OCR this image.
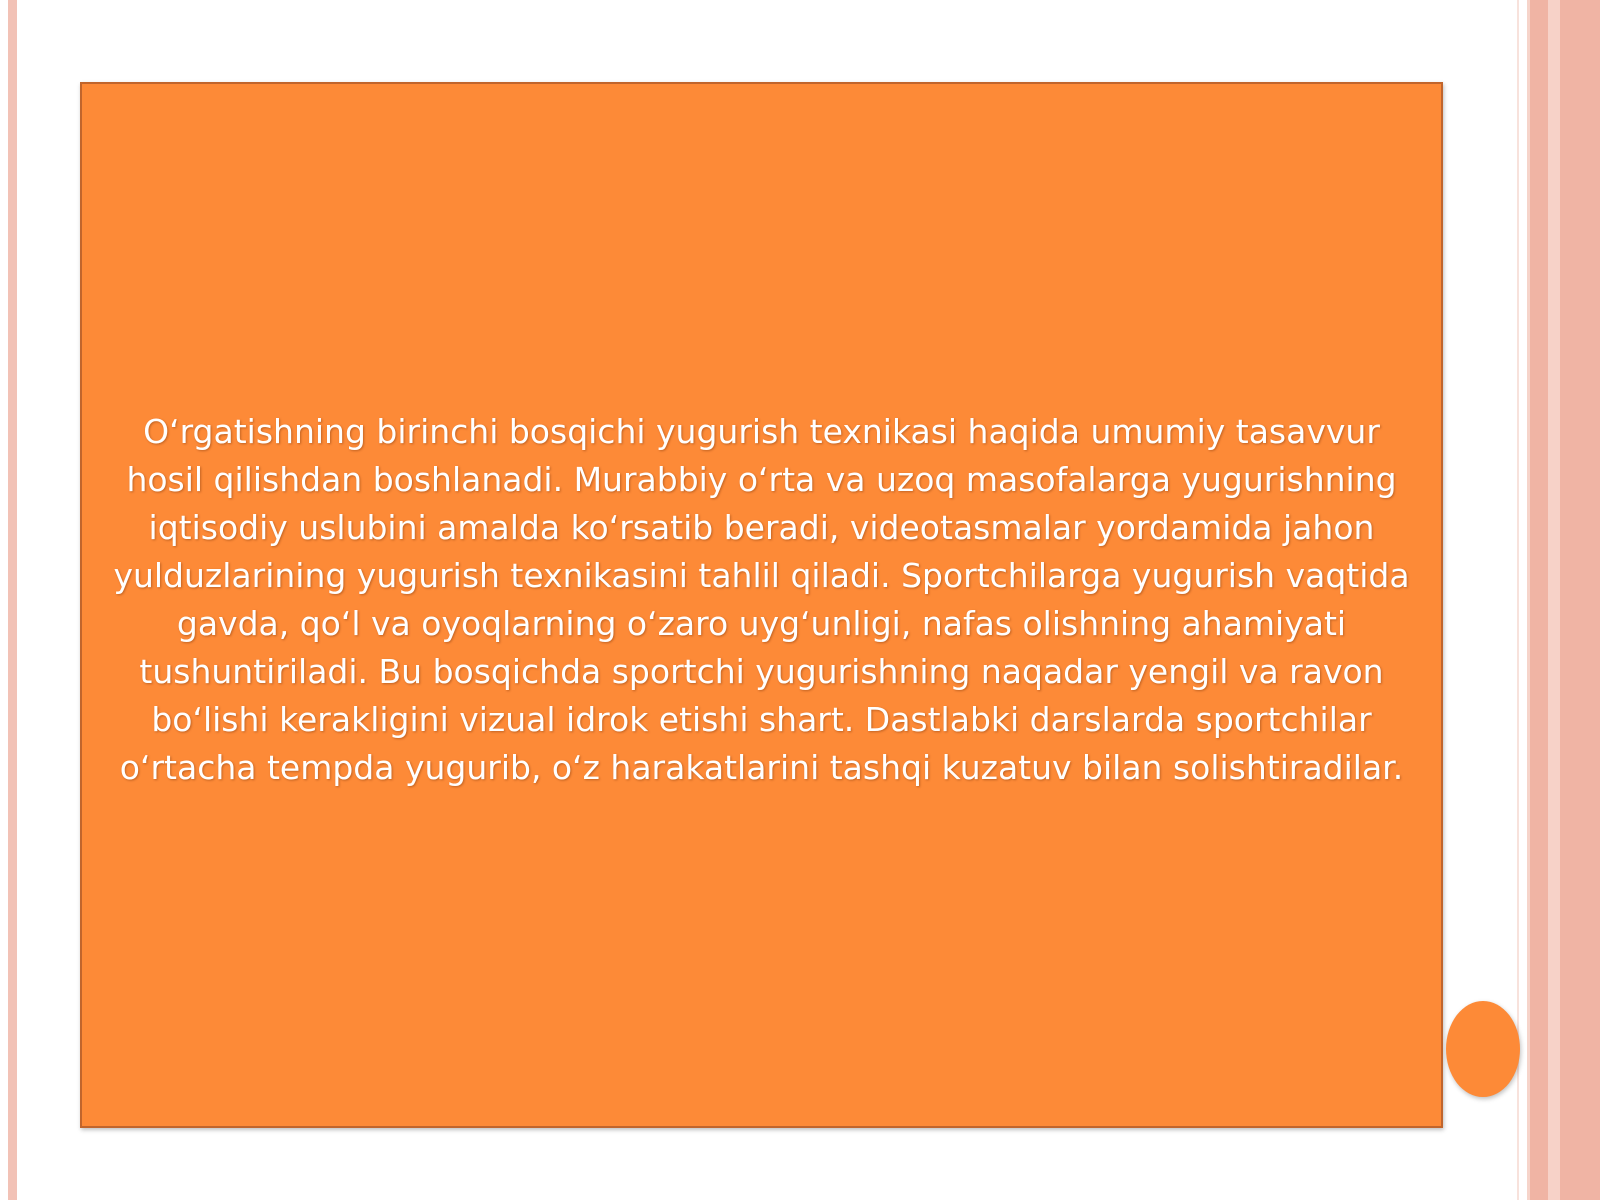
O‘rgatishning birinchi bosqichi yugurish texnikasi haqida umumiy tasavvur hosil qilishdan boshlanadi. Murabbiy o‘rta va uzoq masofalarga yugurishning iqtisodiy uslubini amalda ko‘rsatib beradi, videotasmalar yordamida jahon yulduzlarining yugurish texnikasini tahlil qiladi. Sportchilarga yugurish vaqtida gavda, qo‘l va oyoqlarning o‘zaro uyg‘unligi, nafas olishning ahamiyati tushuntiriladi. Bu bosqichda sportchi yugurishning naqadar yengil va ravon bo‘lishi kerakligini vizual idrok etishi shart. Dastlabki darslarda sportchilar o‘rtacha tempda yugurib, o‘z harakatlarini tashqi kuzatuv bilan solishtiradilar.
